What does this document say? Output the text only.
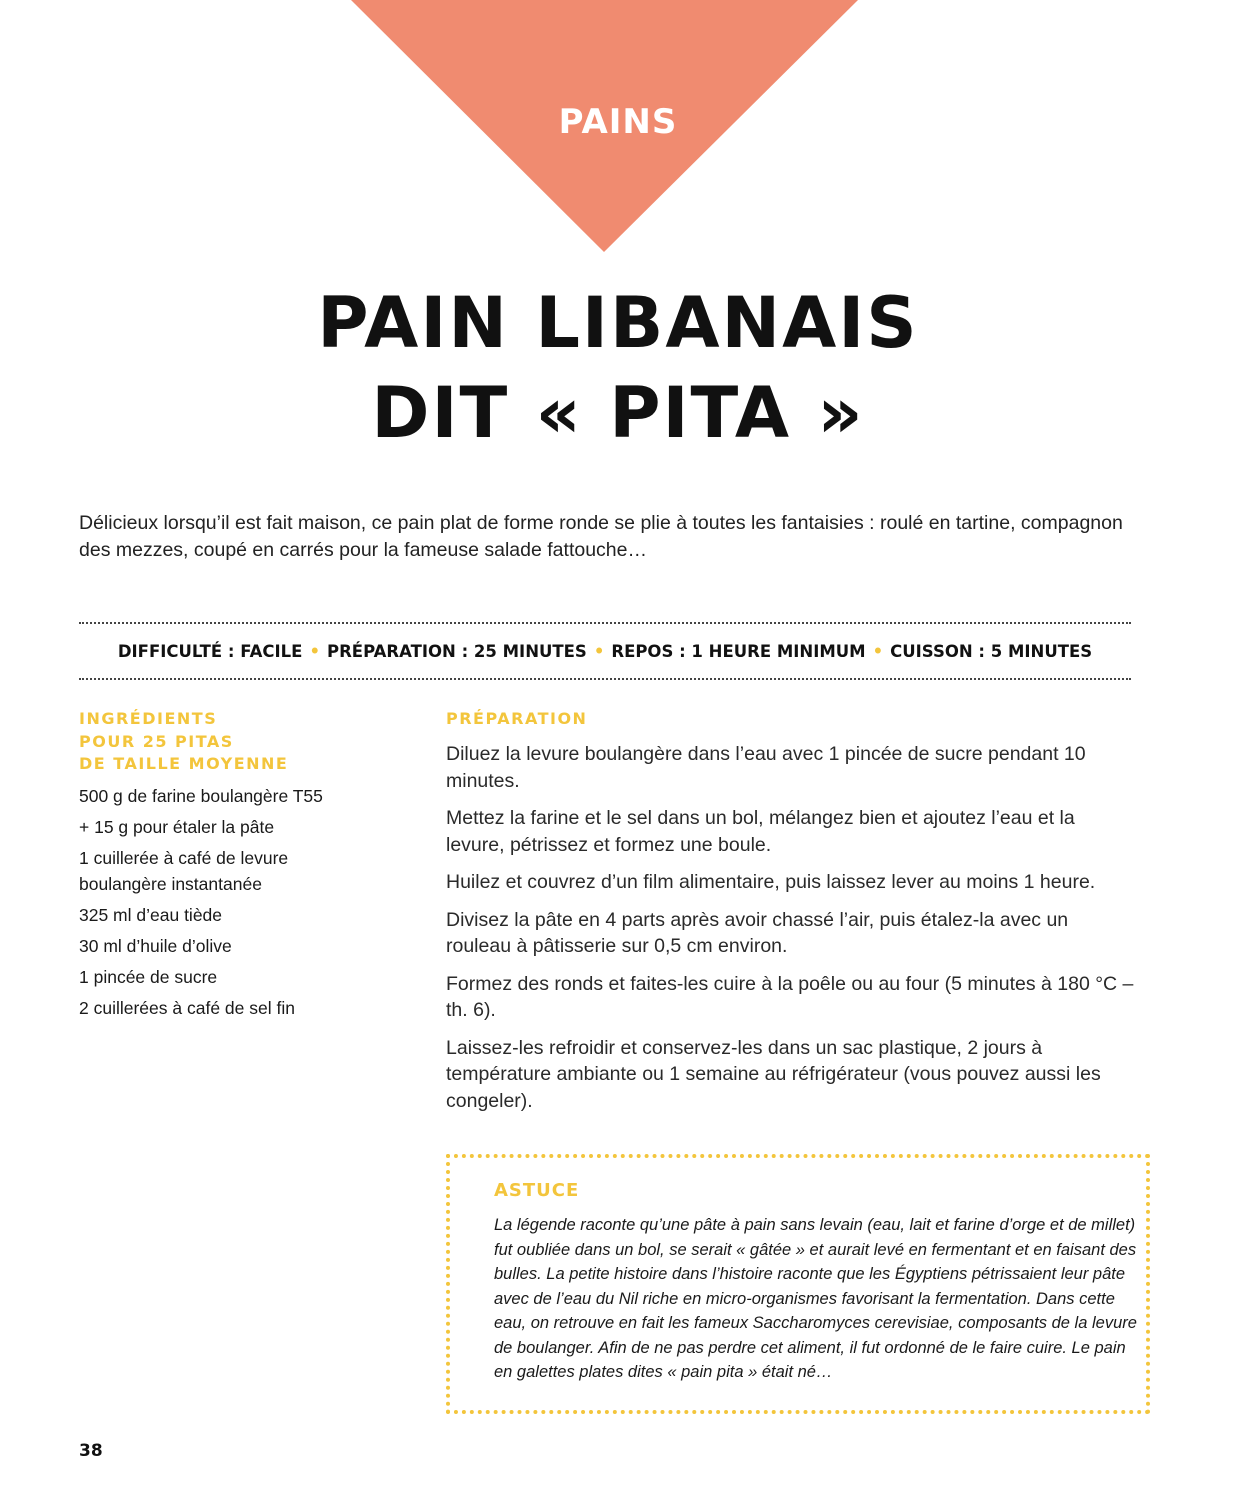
PAINS
PAIN LIBANAIS
DIT « PITA »

Délicieux lorsqu’il est fait maison, ce pain plat de forme ronde se plie à toutes les fantaisies : roulé en tartine, compagnon des mezzes, coupé en carrés pour la fameuse salade fattouche…

DIFFICULTÉ : FACILE • PRÉPARATION : 25 MINUTES • REPOS : 1 HEURE MINIMUM • CUISSON : 5 MINUTES
INGRÉDIENTS
POUR 25 PITAS
DE TAILLE MOYENNE
500 g de farine boulangère T55
+ 15 g pour étaler la pâte
1 cuillerée à café de levure boulangère instantanée
325 ml d’eau tiède
30 ml d’huile d’olive
1 pincée de sucre
2 cuillerées à café de sel fin
PRÉPARATION
Diluez la levure boulangère dans l’eau avec 1 pincée de sucre pendant 10 minutes.
Mettez la farine et le sel dans un bol, mélangez bien et ajoutez l’eau et la levure, pétrissez et formez une boule.
Huilez et couvrez d’un film alimentaire, puis laissez lever au moins 1 heure.
Divisez la pâte en 4 parts après avoir chassé l’air, puis étalez-la avec un rouleau à pâtisserie sur 0,5 cm environ.
Formez des ronds et faites-les cuire à la poêle ou au four (5 minutes à 180 °C – th. 6).
Laissez-les refroidir et conservez-les dans un sac plastique, 2 jours à température ambiante ou 1 semaine au réfrigérateur (vous pouvez aussi les congeler).
ASTUCE

La légende raconte qu’une pâte à pain sans levain (eau, lait et farine d’orge et de millet) fut oubliée dans un bol, se serait « gâtée » et aurait levé en fermentant et en faisant des bulles. La petite histoire dans l’histoire raconte que les Égyptiens pétrissaient leur pâte avec de l’eau du Nil riche en micro-organismes favorisant la fermentation. Dans cette eau, on retrouve en fait les fameux Saccharomyces cerevisiae, composants de la levure de boulanger. Afin de ne pas perdre cet aliment, il fut ordonné de le faire cuire. Le pain en galettes plates dites « pain pita » était né…

38
